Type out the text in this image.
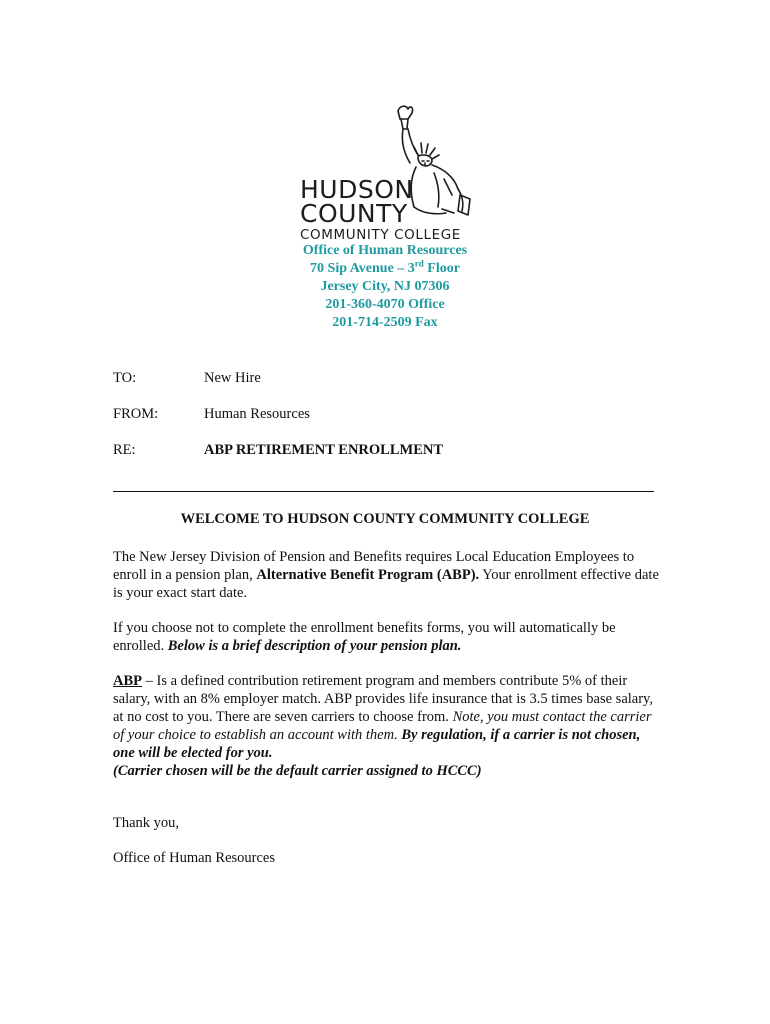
HUDSON
COUNTY
COMMUNITY COLLEGE
Office of Human Resources
70 Sip Avenue – 3rd Floor
Jersey City, NJ 07306
201-360-4070 Office
201-714-2509 Fax
TO:	New Hire
FROM:	Human Resources
RE:	ABP RETIREMENT ENROLLMENT
WELCOME TO HUDSON COUNTY COMMUNITY COLLEGE
The New Jersey Division of Pension and Benefits requires Local Education Employees to enroll in a pension plan, Alternative Benefit Program (ABP). Your enrollment effective date is your exact start date.
If you choose not to complete the enrollment benefits forms, you will automatically be enrolled. Below is a brief description of your pension plan.
ABP – Is a defined contribution retirement program and members contribute 5% of their salary, with an 8% employer match. ABP provides life insurance that is 3.5 times base salary, at no cost to you. There are seven carriers to choose from. Note, you must contact the carrier of your choice to establish an account with them. By regulation, if a carrier is not chosen, one will be elected for you.
(Carrier chosen will be the default carrier assigned to HCCC)
Thank you,
Office of Human Resources
